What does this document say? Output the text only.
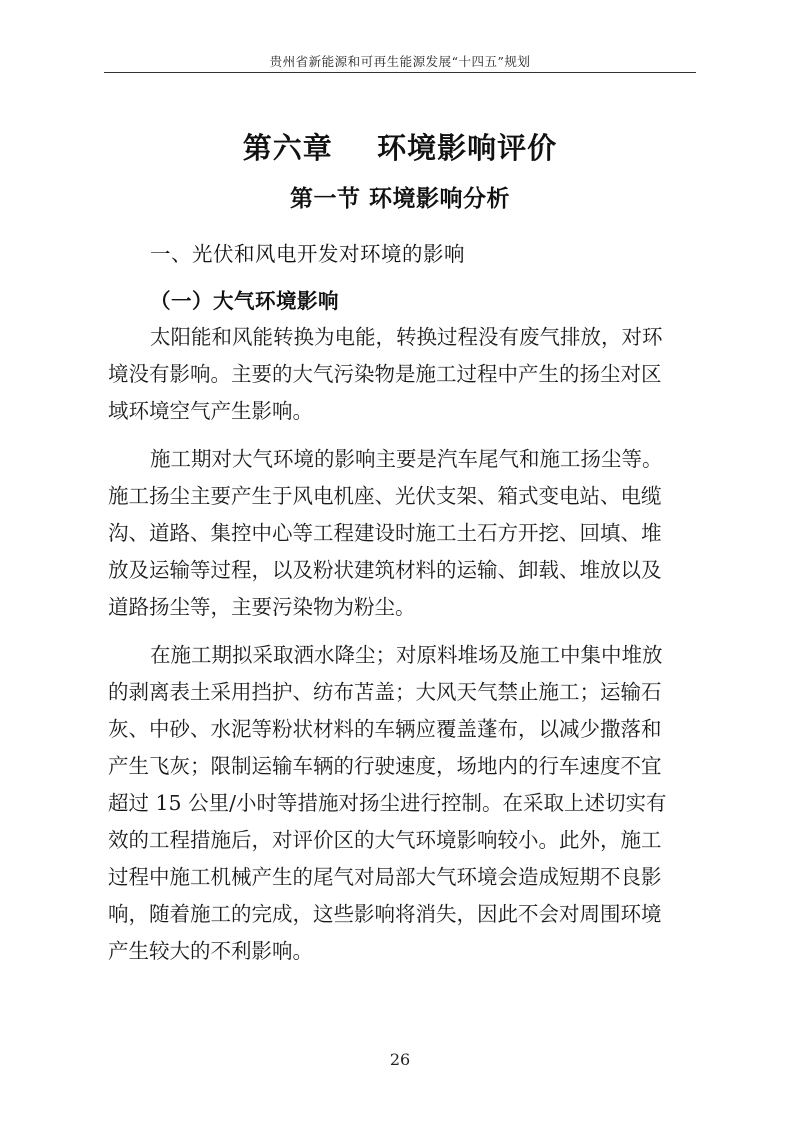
贵州省新能源和可再生能源发展“十四五”规划
第六章    环境影响评价
第一节 环境影响分析
一、光伏和风电开发对环境的影响
（一）大气环境影响
太阳能和风能转换为电能，转换过程没有废气排放，对环
境没有影响。主要的大气污染物是施工过程中产生的扬尘对区
域环境空气产生影响。
施工期对大气环境的影响主要是汽车尾气和施工扬尘等。
施工扬尘主要产生于风电机座、光伏支架、箱式变电站、电缆
沟、道路、集控中心等工程建设时施工土石方开挖、回填、堆
放及运输等过程，以及粉状建筑材料的运输、卸载、堆放以及
道路扬尘等，主要污染物为粉尘。
在施工期拟采取洒水降尘；对原料堆场及施工中集中堆放
的剥离表土采用挡护、纺布苫盖；大风天气禁止施工；运输石
灰、中砂、水泥等粉状材料的车辆应覆盖蓬布，以减少撒落和
产生飞灰；限制运输车辆的行驶速度，场地内的行车速度不宜
超过 15 公里/小时等措施对扬尘进行控制。在采取上述切实有
效的工程措施后，对评价区的大气环境影响较小。此外，施工
过程中施工机械产生的尾气对局部大气环境会造成短期不良影
响，随着施工的完成，这些影响将消失，因此不会对周围环境
产生较大的不利影响。
26
